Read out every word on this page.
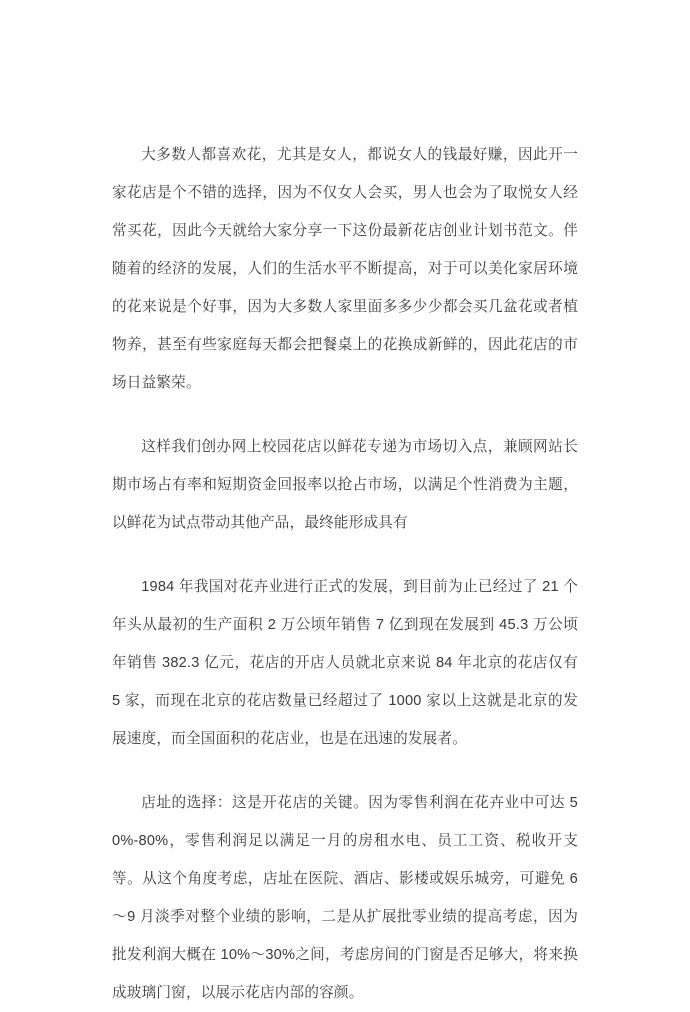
大多数人都喜欢花，尤其是女人，都说女人的钱最好赚，因此开一家花店是个不错的选择，因为不仅女人会买，男人也会为了取悦女人经常买花，因此今天就给大家分享一下这份最新花店创业计划书范文。伴随着的经济的发展，人们的生活水平不断提高，对于可以美化家居环境的花来说是个好事，因为大多数人家里面多多少少都会买几盆花或者植物养，甚至有些家庭每天都会把餐桌上的花换成新鲜的，因此花店的市场日益繁荣。

这样我们创办网上校园花店以鲜花专递为市场切入点，兼顾网站长期市场占有率和短期资金回报率以抢占市场，以满足个性消费为主题，以鲜花为试点带动其他产品，最终能形成具有

1984 年我国对花卉业进行正式的发展，到目前为止已经过了 21 个年头从最初的生产面积 2 万公顷年销售 7 亿到现在发展到 45.3 万公顷年销售 382.3 亿元，花店的开店人员就北京来说 84 年北京的花店仅有 5 家，而现在北京的花店数量已经超过了 1000 家以上这就是北京的发展速度，而全国面积的花店业，也是在迅速的发展者。

店址的选择：这是开花店的关键。因为零售利润在花卉业中可达 50%-80%，零售利润足以满足一月的房租水电、员工工资、税收开支等。从这个角度考虑，店址在医院、酒店、影楼或娱乐城旁，可避免 6～9 月淡季对整个业绩的影响，二是从扩展批零业绩的提高考虑，因为批发利润大概在 10%～30%之间，考虑房间的门窗是否足够大，将来换成玻璃门窗，以展示花店内部的容颜。
